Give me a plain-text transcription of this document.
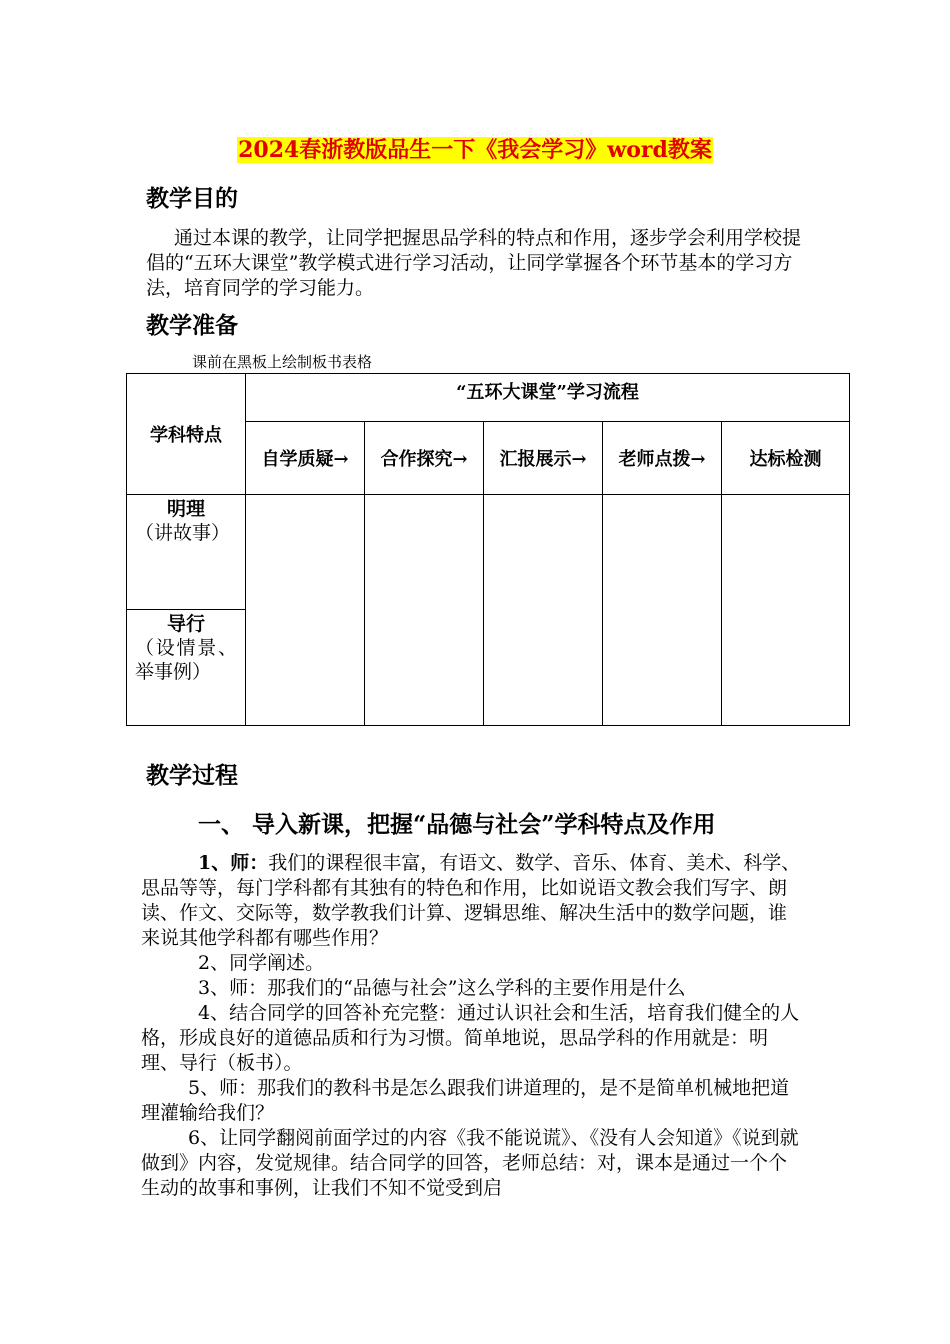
2024春浙教版品生一下《我会学习》word教案
教学目的

通过本课的教学，让同学把握思品学科的特点和作用，逐步学会利用学校提倡的“五环大课堂”教学模式进行学习活动，让同学掌握各个环节基本的学习方法，培育同学的学习能力。

教学准备
课前在黑板上绘制板书表格
学科特点	“五环大课堂”学习流程				
	自学质疑→	合作探究→	汇报展示→	老师点拨→	达标检测

明理
（讲故事）					

导行
（设情景、举事例）					
教学过程
一、 导入新课，把握“品德与社会”学科特点及作用

1、师：我们的课程很丰富，有语文、数学、音乐、体育、美术、科学、思品等等，每门学科都有其独有的特色和作用，比如说语文教会我们写字、朗读、作文、交际等，数学教我们计算、逻辑思维、解决生活中的数学问题，谁来说其他学科都有哪些作用？

2、同学阐述。

3、师：那我们的“品德与社会”这么学科的主要作用是什么

4、结合同学的回答补充完整：通过认识社会和生活，培育我们健全的人格，形成良好的道德品质和行为习惯。简单地说，思品学科的作用就是：明理、导行（板书）。

5、师：那我们的教科书是怎么跟我们讲道理的，是不是简单机械地把道理灌输给我们？

6、让同学翻阅前面学过的内容《我不能说谎》、《没有人会知道》《说到就做到》内容，发觉规律。结合同学的回答，老师总结：对，课本是通过一个个生动的故事和事例，让我们不知不觉受到启
